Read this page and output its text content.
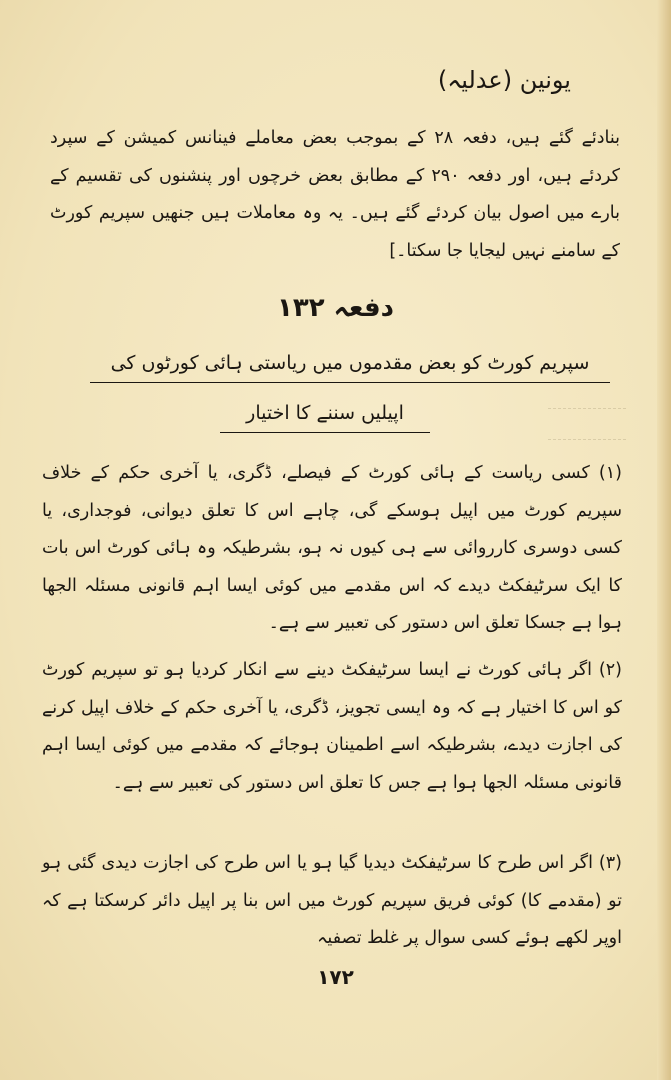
یونین (عدلیہ)
بنادئے گئے ہیں، دفعہ ۲۸ کے بموجب بعض معاملے فینانس کمیشن کے سپرد کردئے ہیں، اور دفعہ ۲۹۰ کے مطابق بعض خرچوں اور پنشنوں کی تقسیم کے بارے میں اصول بیان کردئے گئے ہیں۔ یہ وہ معاملات ہیں جنھیں سپریم کورٹ کے سامنے نہیں لیجایا جا سکتا۔]
دفعہ ۱۳۲
سپریم کورٹ کو بعض مقدموں میں ریاستی ہائی کورٹوں کی
اپیلیں سننے کا اختیار
(۱) کسی ریاست کے ہائی کورٹ کے فیصلے، ڈگری، یا آخری حکم کے خلاف سپریم کورٹ میں اپیل ہوسکے گی، چاہے اس کا تعلق دیوانی، فوجداری، یا کسی دوسری کارروائی سے ہی کیوں نہ ہو، بشرطیکہ وہ ہائی کورٹ اس بات کا ایک سرٹیفکٹ دیدے کہ اس مقدمے میں کوئی ایسا اہم قانونی مسئلہ الجھا ہوا ہے جسکا تعلق اس دستور کی تعبیر سے ہے۔
(۲) اگر ہائی کورٹ نے ایسا سرٹیفکٹ دینے سے انکار کردیا ہو تو سپریم کورٹ کو اس کا اختیار ہے کہ وہ ایسی تجویز، ڈگری، یا آخری حکم کے خلاف اپیل کرنے کی اجازت دیدے، بشرطیکہ اسے اطمینان ہوجائے کہ مقدمے میں کوئی ایسا اہم قانونی مسئلہ الجھا ہوا ہے جس کا تعلق اس دستور کی تعبیر سے ہے۔
(۳) اگر اس طرح کا سرٹیفکٹ دیدیا گیا ہو یا اس طرح کی اجازت دیدی گئی ہو تو (مقدمے کا) کوئی فریق سپریم کورٹ میں اس بنا پر اپیل دائر کرسکتا ہے کہ اوپر لکھے ہوئے کسی سوال پر غلط تصفیہ
۱۷۲
